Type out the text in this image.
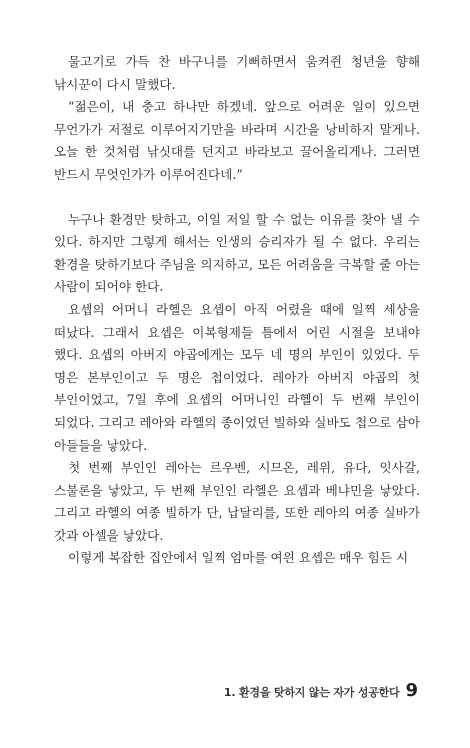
물고기로 가득 찬 바구니를 기뻐하면서 움켜쥔 청년을 향해 낚시꾼이 다시 말했다.

“젊은이, 내 충고 하나만 하겠네. 앞으로 어려운 일이 있으면 무언가가 저절로 이루어지기만을 바라며 시간을 낭비하지 말게나. 오늘 한 것처럼 낚싯대를 던지고 바라보고 끌어올리게나. 그러면 반드시 무엇인가가 이루어진다네.”

누구나 환경만 탓하고, 이일 저일 할 수 없는 이유를 찾아 낼 수 있다. 하지만 그렇게 해서는 인생의 승리자가 될 수 없다. 우리는 환경을 탓하기보다 주님을 의지하고, 모든 어려움을 극복할 줄 아는 사람이 되어야 한다.

요셉의 어머니 라헬은 요셉이 아직 어렸을 때에 일찍 세상을 떠났다. 그래서 요셉은 이복형제들 틈에서 어린 시절을 보내야 했다. 요셉의 아버지 야곱에게는 모두 네 명의 부인이 있었다. 두 명은 본부인이고 두 명은 첩이었다. 레아가 아버지 야곱의 첫 부인이었고, 7일 후에 요셉의 어머니인 라헬이 두 번째 부인이 되었다. 그리고 레아와 라헬의 종이었던 빌하와 실바도 첩으로 삼아 아들들을 낳았다.

첫 번째 부인인 레아는 르우벤, 시므온, 레위, 유다, 잇사갈, 스불론을 낳았고, 두 번째 부인인 라헬은 요셉과 베냐민을 낳았다. 그리고 라헬의 여종 빌하가 단, 납달리를, 또한 레아의 여종 실바가 갓과 아셀을 낳았다.

이렇게 복잡한 집안에서 일찍 엄마를 여읜 요셉은 매우 힘든 시

1. 환경을 탓하지 않는 자가 성공한다 9
